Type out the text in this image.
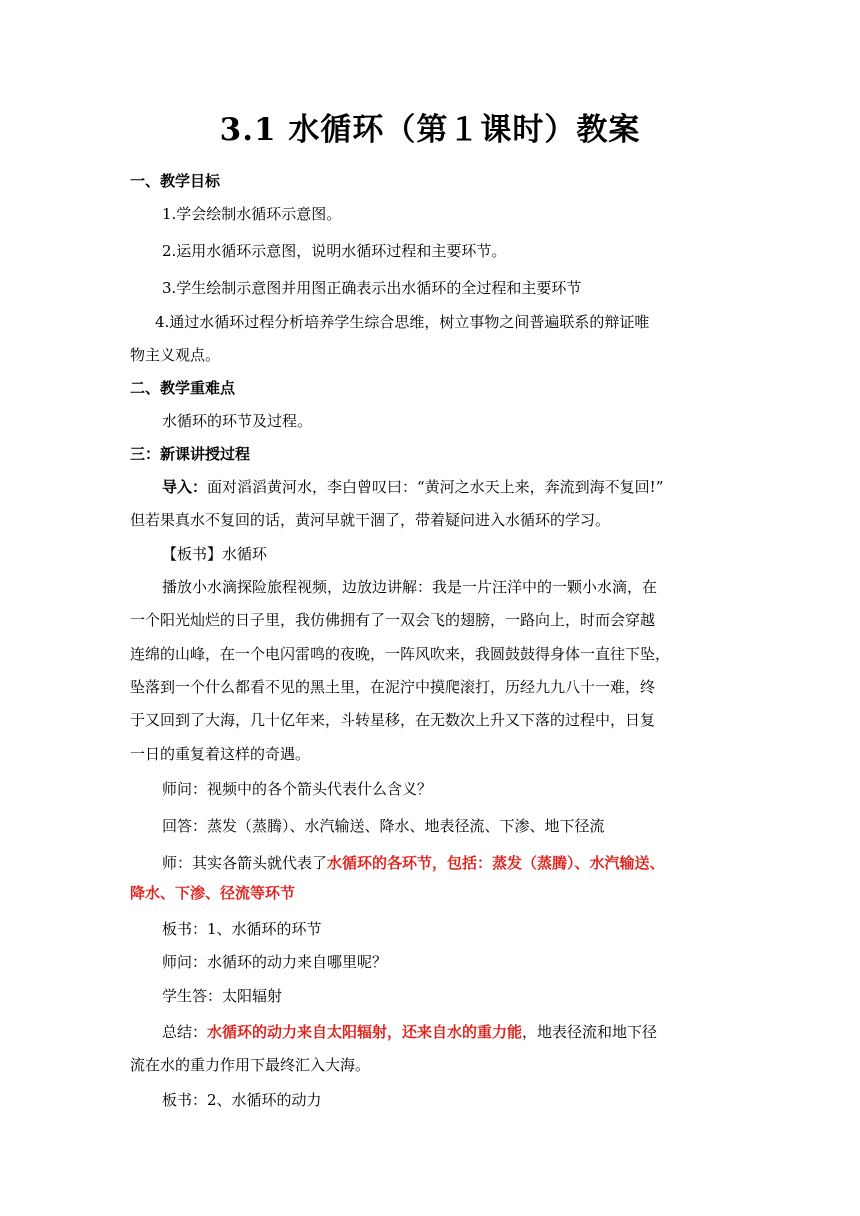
3.1 水循环（第１课时）教案
一、教学目标
1.学会绘制水循环示意图。
2.运用水循环示意图，说明水循环过程和主要环节。
3.学生绘制示意图并用图正确表示出水循环的全过程和主要环节
4.通过水循环过程分析培养学生综合思维，树立事物之间普遍联系的辩证唯
物主义观点。
二、教学重难点
水循环的环节及过程。
三：新课讲授过程
导入：面对滔滔黄河水，李白曾叹曰：“黄河之水天上来，奔流到海不复回!”
但若果真水不复回的话，黄河早就干涸了，带着疑问进入水循环的学习。
【板书】水循环
播放小水滴探险旅程视频，边放边讲解：我是一片汪洋中的一颗小水滴，在
一个阳光灿烂的日子里，我仿佛拥有了一双会飞的翅膀，一路向上，时而会穿越
连绵的山峰，在一个电闪雷鸣的夜晚，一阵风吹来，我圆鼓鼓得身体一直往下坠，
坠落到一个什么都看不见的黑土里，在泥泞中摸爬滚打，历经九九八十一难，终
于又回到了大海，几十亿年来，斗转星移，在无数次上升又下落的过程中，日复
一日的重复着这样的奇遇。
师问：视频中的各个箭头代表什么含义？
回答：蒸发（蒸腾）、水汽输送、降水、地表径流、下渗、地下径流
师：其实各箭头就代表了水循环的各环节，包括：蒸发（蒸腾）、水汽输送、
降水、下渗、径流等环节
板书：1、水循环的环节
师问：水循环的动力来自哪里呢？
学生答：太阳辐射
总结：水循环的动力来自太阳辐射，还来自水的重力能，地表径流和地下径
流在水的重力作用下最终汇入大海。
板书：2、水循环的动力
